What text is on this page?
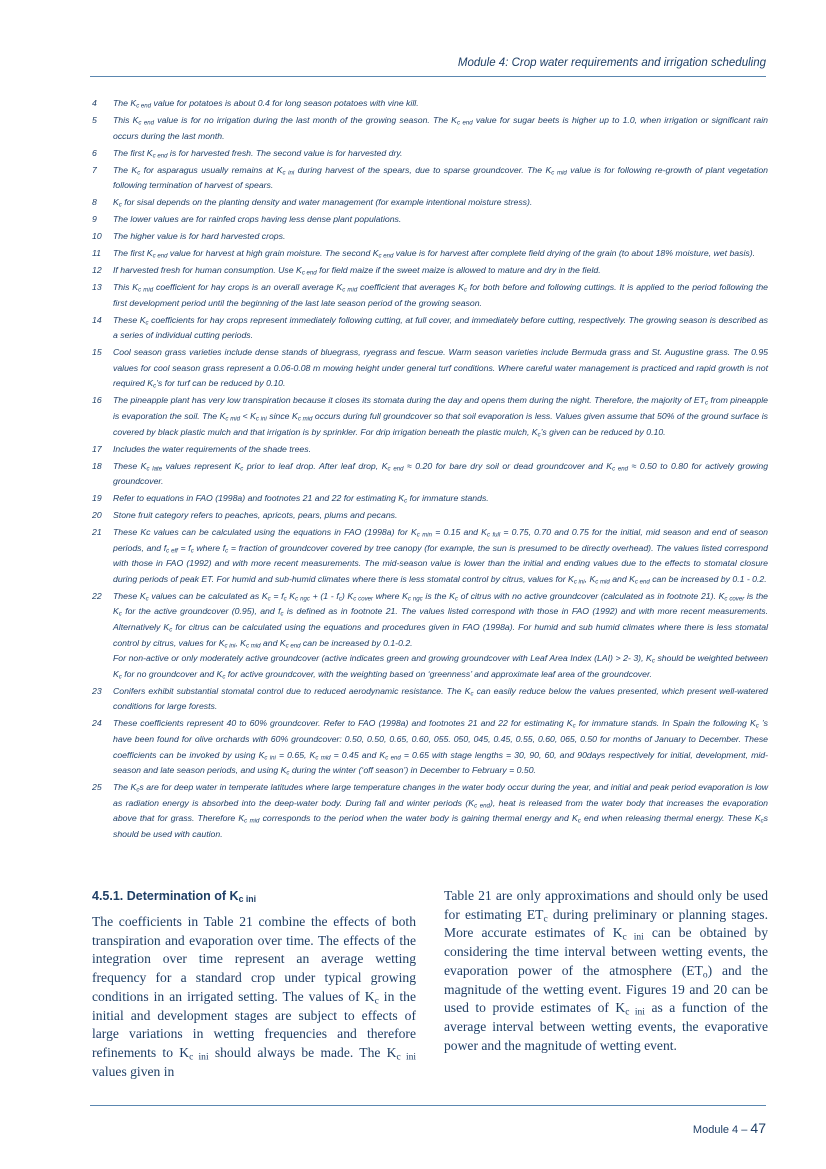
Module 4: Crop water requirements and irrigation scheduling
4	The $K_{c end}$ value for potatoes is about 0.4 for long season potatoes with vine kill.

5	This $K_{c end}$ value is for no irrigation during the last month of the growing season. The $K_{c end}$ value for sugar beets is higher up to 1.0, when irrigation or significant rain occurs during the last month.

6	The first $K_{c end}$ is for harvested fresh. The second value is for harvested dry.

7	The $K_c$ for asparagus usually remains at $K_{c ini}$ during harvest of the spears, due to sparse groundcover. The $K_{c mid}$ value is for following re-growth of plant vegetation following termination of harvest of spears.

8	$K_c$ for sisal depends on the planting density and water management (for example intentional moisture stress).

9	The lower values are for rainfed crops having less dense plant populations.

10	The higher value is for hard harvested crops.

11	The first $K_{c end}$ value for harvest at high grain moisture. The second $K_{c end}$ value is for harvest after complete field drying of the grain (to about 18% moisture, wet basis).

12	If harvested fresh for human consumption. Use $K_{c end}$ for field maize if the sweet maize is allowed to mature and dry in the field.

13	This $K_{c mid}$ coefficient for hay crops is an overall average $K_{c mid}$ coefficient that averages $K_c$ for both before and following cuttings. It is applied to the period following the first development period until the beginning of the last late season period of the growing season.

14	These $K_c$ coefficients for hay crops represent immediately following cutting, at full cover, and immediately before cutting, respectively. The growing season is described as a series of individual cutting periods.

15	Cool season grass varieties include dense stands of bluegrass, ryegrass and fescue. Warm season varieties include Bermuda grass and St. Augustine grass. The 0.95 values for cool season grass represent a 0.06-0.08 m mowing height under general turf conditions. Where careful water management is practiced and rapid growth is not required $K_c’s$ for turf can be reduced by 0.10.

16	The pineapple plant has very low transpiration because it closes its stomata during the day and opens them during the night. Therefore, the majority of $ET_c$ from pineapple is evaporation the soil. The $K_{c mid} < K_{c ini}$ since $K_{c mid}$ occurs during full groundcover so that soil evaporation is less. Values given assume that 50% of the ground surface is covered by black plastic mulch and that irrigation is by sprinkler. For drip irrigation beneath the plastic mulch, $K_c’s$ given can be reduced by 0.10.

17	Includes the water requirements of the shade trees.

18	These $K_{c late}$ values represent $K_c$ prior to leaf drop. After leaf drop, $K_{c end} \approx 0.20$ for bare dry soil or dead groundcover and $K_{c end} \approx 0.50$ to 0.80 for actively growing groundcover.

19	Refer to equations in FAO (1998a) and footnotes 21 and 22 for estimating $K_c$ for immature stands.

20	Stone fruit category refers to peaches, apricots, pears, plums and pecans.

21	These Kc values can be calculated using the equations in FAO (1998a) for $K_{c min} = 0.15$ and $K_{c full} = 0.75$, 0.70 and 0.75 for the initial, mid season and end of season periods, and $f_{c eff} = f_c$ where $f_c$ = fraction of groundcover covered by tree canopy (for example, the sun is presumed to be directly overhead). The values listed correspond with those in FAO (1992) and with more recent measurements. The mid-season value is lower than the initial and ending values due to the effects to stomatal closure during periods of peak ET. For humid and sub-humid climates where there is less stomatal control by citrus, values for $K_{c ini}$, $K_{c mid}$ and $K_{c end}$ can be increased by 0.1 - 0.2.

22	These $K_c$ values can be calculated as $K_c = f_c$ $K_{c ngc} + (1 - f_c)$ $K_{c cover}$ where $K_{c ngc}$ is the $K_c$ of citrus with no active groundcover (calculated as in footnote 21). $K_{c cover}$ is the $K_c$ for the active groundcover (0.95), and $f_c$ is defined as in footnote 21. The values listed correspond with those in FAO (1992) and with more recent measurements. Alternatively $K_c$ for citrus can be calculated using the equations and procedures given in FAO (1998a). For humid and sub humid climates where there is less stomatal control by citrus, values for $K_{c ini}$, $K_{c mid}$ and $K_{c end}$ can be increased by 0.1-0.2.

For non-active or only moderately active groundcover (active indicates green and growing groundcover with Leaf Area Index (LAI) > 2- 3), $K_c$ should be weighted between $K_c$ for no groundcover and $K_c$ for active groundcover, with the weighting based on ‘greenness’ and approximate leaf area of the groundcover.

23	Conifers exhibit substantial stomatal control due to reduced aerodynamic resistance. The $K_c$ can easily reduce below the values presented, which present well-watered conditions for large forests.

24	These coefficients represent 40 to 60% groundcover. Refer to FAO (1998a) and footnotes 21 and 22 for estimating $K_c$ for immature stands. In Spain the following $K_c$ ’s have been found for olive orchards with 60% groundcover: 0.50, 0.50, 0.65, 0.60, 055. 050, 045, 0.45, 0.55, 0.60, 065, 0.50 for months of January to December. These coefficients can be invoked by using $K_{c ini} = 0.65$, $K_{c mid} = 0.45$ and $K_{c end} = 0.65$ with stage lengths = 30, 90, 60, and 90days respectively for initial, development, mid-season and late season periods, and using $K_c$ during the winter (‘off season’) in December to February = 0.50.

25	The $K_cs$ are for deep water in temperate latitudes where large temperature changes in the water body occur during the year, and initial and peak period evaporation is low as radiation energy is absorbed into the deep-water body. During fall and winter periods $(K_{c end})$, heat is released from the water body that increases the evaporation above that for grass. Therefore $K_{c mid}$ corresponds to the period when the water body is gaining thermal energy and $K_c$ end when releasing thermal energy. These $K_cs$ should be used with caution.

4.5.1. Determination of $K_{c ini}$

The coefficients in Table 21 combine the effects of both transpiration and evaporation over time. The effects of the integration over time represent an average wetting frequency for a standard crop under typical growing conditions in an irrigated setting. The values of $K_c$ in the initial and development stages are subject to effects of large variations in wetting frequencies and therefore refinements to $K_{c ini}$ should always be made. The $K_{c ini}$ values given in

Table 21 are only approximations and should only be used for estimating $ET_c$ during preliminary or planning stages. More accurate estimates of $K_{c ini}$ can be obtained by considering the time interval between wetting events, the evaporation power of the atmosphere $(ET_o)$ and the magnitude of the wetting event. Figures 19 and 20 can be used to provide estimates of $K_{c ini}$ as a function of the average interval between wetting events, the evaporative power and the magnitude of wetting event.

Module 4 – 47
